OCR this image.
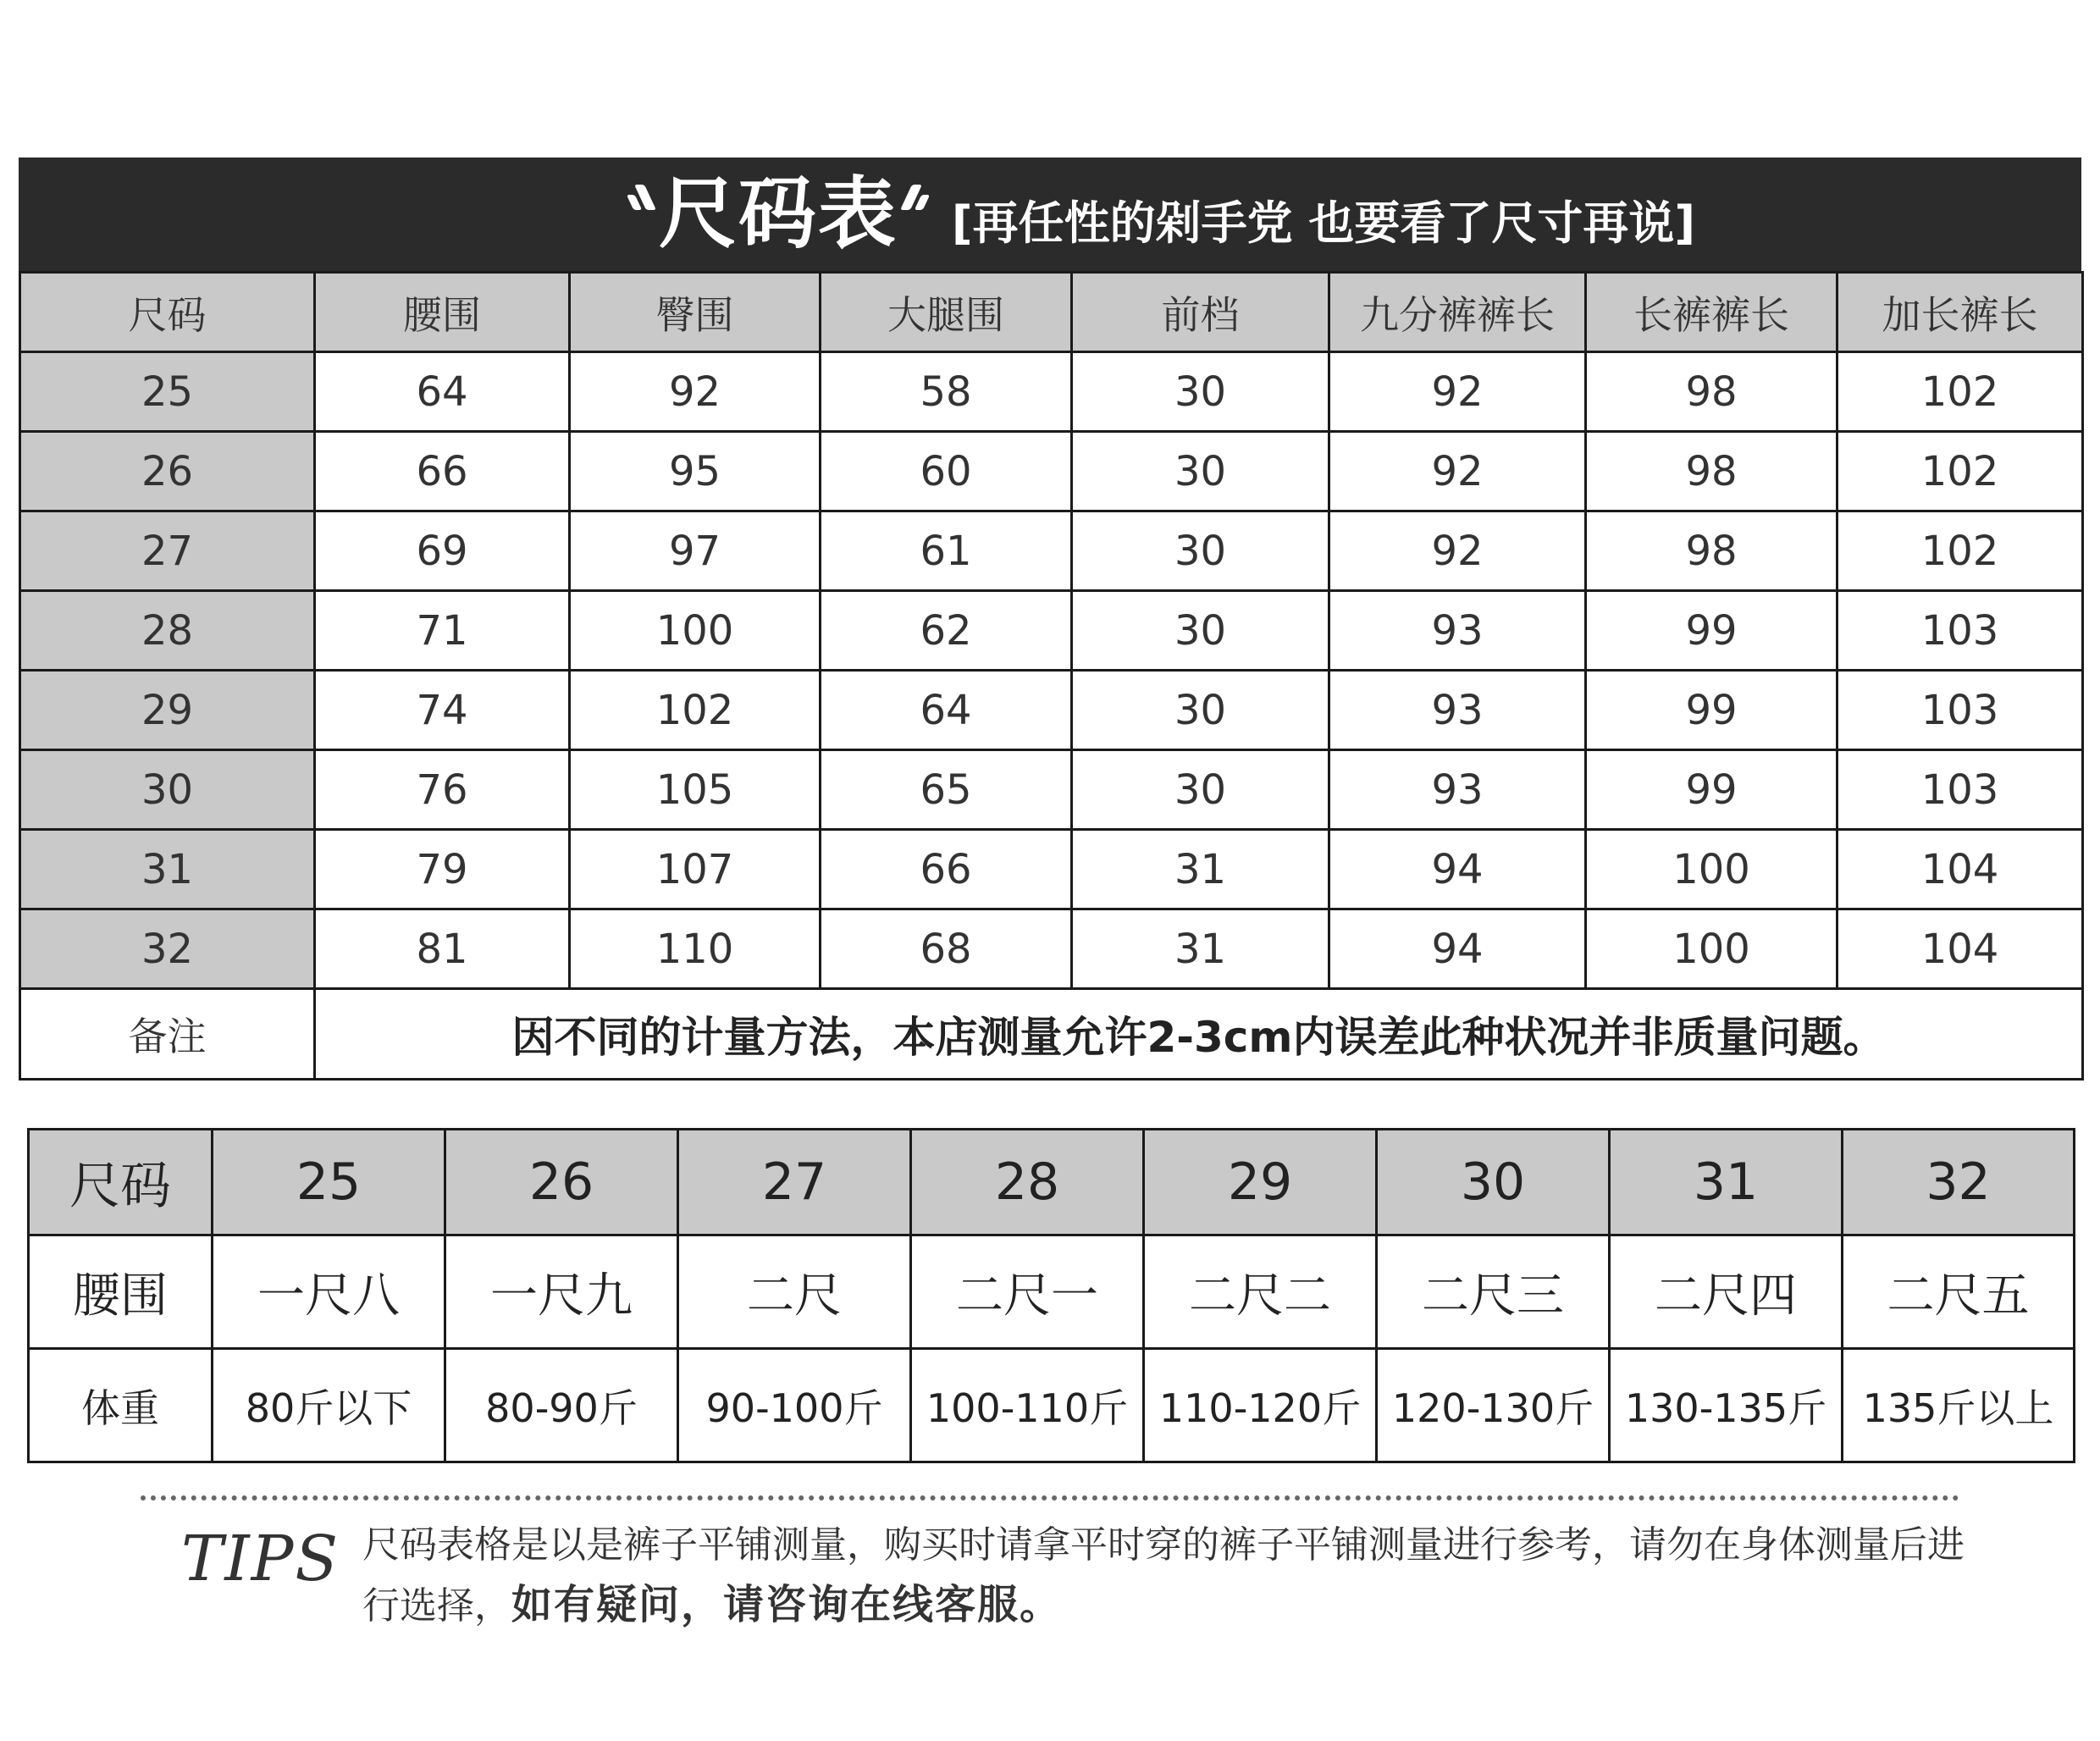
尺码表 [再任性的剁手党 也要看了尺寸再说]
尺码	腰围	臀围	大腿围	前档	九分裤裤长	长裤裤长	加长裤长
25	64	92	58	30	92	98	102
26	66	95	60	30	92	98	102
27	69	97	61	30	92	98	102
28	71	100	62	30	93	99	103
29	74	102	64	30	93	99	103
30	76	105	65	30	93	99	103
31	79	107	66	31	94	100	104
32	81	110	68	31	94	100	104
备注	因不同的计量方法，本店测量允许2-3cm内误差此种状况并非质量问题。						
尺码	25	26	27	28	29	30	31	32
腰围	一尺八	一尺九	二尺	二尺一	二尺二	二尺三	二尺四	二尺五
体重	80斤以下	80-90斤	90-100斤	100-110斤	110-120斤	120-130斤	130-135斤	135斤以上
TIPS 尺码表格是以是裤子平铺测量，购买时请拿平时穿的裤子平铺测量进行参考，请勿在身体测量后进行选择，如有疑问，请咨询在线客服。
